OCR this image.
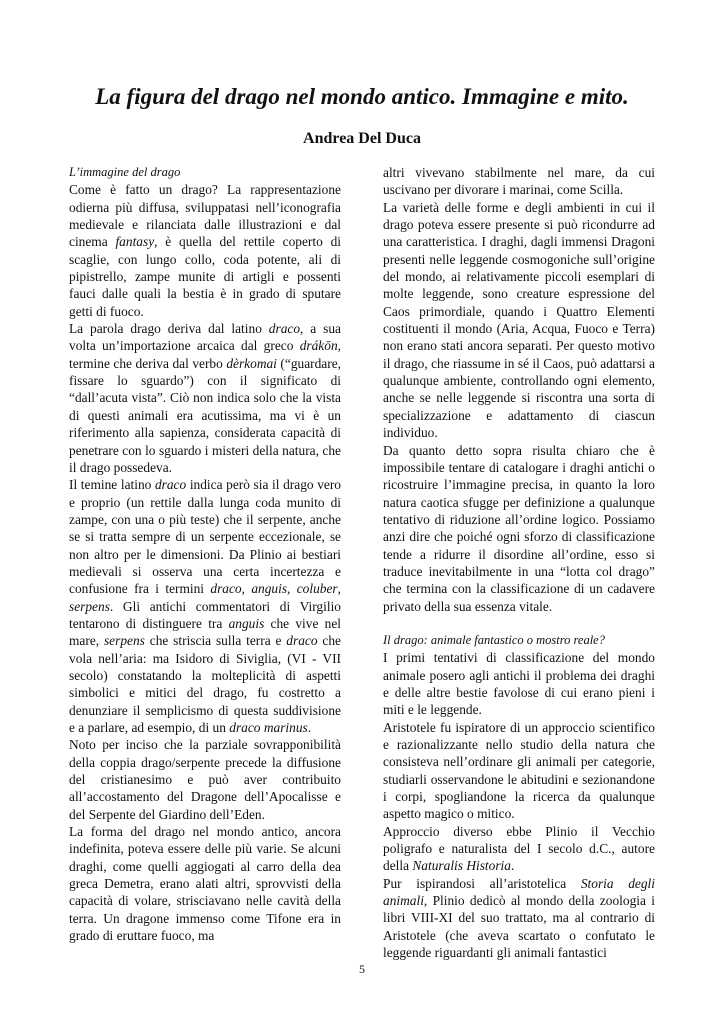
La figura del drago nel mondo antico. Immagine e mito.
Andrea Del Duca

L’immagine del drago

Come è fatto un drago? La rappresentazione odierna più diffusa, sviluppatasi nell’iconografia medievale e rilanciata dalle illustrazioni e dal cinema fantasy, è quella del rettile coperto di scaglie, con lungo collo, coda potente, ali di pipistrello, zampe munite di artigli e possenti fauci dalle quali la bestia è in grado di sputare getti di fuoco.

La parola drago deriva dal latino draco, a sua volta un’importazione arcaica dal greco drákōn, termine che deriva dal verbo dèrkomai (“guardare, fissare lo sguardo”) con il significato di “dall’acuta vista”. Ciò non indica solo che la vista di questi animali era acutissima, ma vi è un riferimento alla sapienza, considerata capacità di penetrare con lo sguardo i misteri della natura, che il drago possedeva.

Il temine latino draco indica però sia il drago vero e proprio (un rettile dalla lunga coda munito di zampe, con una o più teste) che il serpente, anche se si tratta sempre di un serpente eccezionale, se non altro per le dimensioni. Da Plinio ai bestiari medievali si osserva una certa incertezza e confusione fra i termini draco, anguis, coluber, serpens. Gli antichi commentatori di Virgilio tentarono di distinguere tra anguis che vive nel mare, serpens che striscia sulla terra e draco che vola nell’aria: ma Isidoro di Siviglia, (VI - VII secolo) constatando la molteplicità di aspetti simbolici e mitici del drago, fu costretto a denunziare il semplicismo di questa suddivisione e a parlare, ad esempio, di un draco marinus.

Noto per inciso che la parziale sovrapponibilità della coppia drago/serpente precede la diffusione del cristianesimo e può aver contribuito all’accostamento del Dragone dell’Apocalisse e del Serpente del Giardino dell’Eden.

La forma del drago nel mondo antico, ancora indefinita, poteva essere delle più varie. Se alcuni draghi, come quelli aggiogati al carro della dea greca Demetra, erano alati altri, sprovvisti della capacità di volare, strisciavano nelle cavità della terra. Un dragone immenso come Tifone era in grado di eruttare fuoco, ma

altri vivevano stabilmente nel mare, da cui uscivano per divorare i marinai, come Scilla.

La varietà delle forme e degli ambienti in cui il drago poteva essere presente si può ricondurre ad una caratteristica. I draghi, dagli immensi Dragoni presenti nelle leggende cosmogoniche sull’origine del mondo, ai relativamente piccoli esemplari di molte leggende, sono creature espressione del Caos primordiale, quando i Quattro Elementi costituenti il mondo (Aria, Acqua, Fuoco e Terra) non erano stati ancora separati. Per questo motivo il drago, che riassume in sé il Caos, può adattarsi a qualunque ambiente, controllando ogni elemento, anche se nelle leggende si riscontra una sorta di specializzazione e adattamento di ciascun individuo.

Da quanto detto sopra risulta chiaro che è impossibile tentare di catalogare i draghi antichi o ricostruire l’immagine precisa, in quanto la loro natura caotica sfugge per definizione a qualunque tentativo di riduzione all’ordine logico. Possiamo anzi dire che poiché ogni sforzo di classificazione tende a ridurre il disordine all’ordine, esso si traduce inevitabilmente in una “lotta col drago” che termina con la classificazione di un cadavere privato della sua essenza vitale.

Il drago: animale fantastico o mostro reale?

I primi tentativi di classificazione del mondo animale posero agli antichi il problema dei draghi e delle altre bestie favolose di cui erano pieni i miti e le leggende.

Aristotele fu ispiratore di un approccio scientifico e razionalizzante nello studio della natura che consisteva nell’ordinare gli animali per categorie, studiarli osservandone le abitudini e sezionandone i corpi, spogliandone la ricerca da qualunque aspetto magico o mitico.

Approccio diverso ebbe Plinio il Vecchio poligrafo e naturalista del I secolo d.C., autore della Naturalis Historia.

Pur ispirandosi all’aristotelica Storia degli animali, Plinio dedicò al mondo della zoologia i libri VIII-XI del suo trattato, ma al contrario di Aristotele (che aveva scartato o confutato le leggende riguardanti gli animali fantastici

5
